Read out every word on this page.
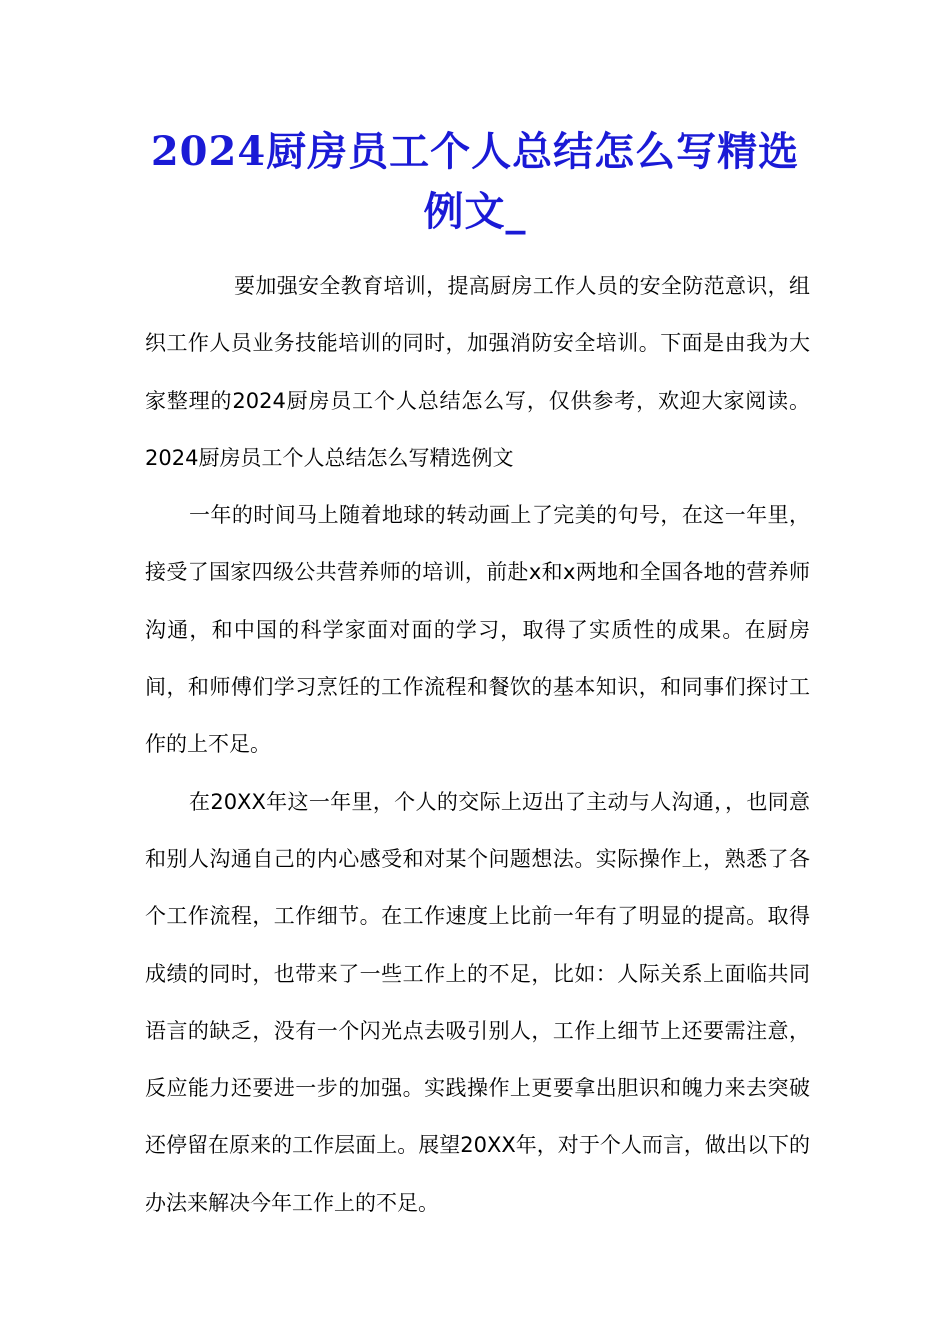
2024厨房员工个人总结怎么写精选例文_

要加强安全教育培训，提高厨房工作人员的安全防范意识，组织工作人员业务技能培训的同时，加强消防安全培训。下面是由我为大家整理的2024厨房员工个人总结怎么写，仅供参考，欢迎大家阅读。2024厨房员工个人总结怎么写精选例文

一年的时间马上随着地球的转动画上了完美的句号，在这一年里，接受了国家四级公共营养师的培训，前赴x和x两地和全国各地的营养师沟通，和中国的科学家面对面的学习，取得了实质性的成果。在厨房间，和师傅们学习烹饪的工作流程和餐饮的基本知识，和同事们探讨工作的上不足。

在20XX年这一年里，个人的交际上迈出了主动与人沟通，，也同意和别人沟通自己的内心感受和对某个问题想法。实际操作上，熟悉了各个工作流程，工作细节。在工作速度上比前一年有了明显的提高。取得成绩的同时，也带来了一些工作上的不足，比如：人际关系上面临共同语言的缺乏，没有一个闪光点去吸引别人，工作上细节上还要需注意，反应能力还要进一步的加强。实践操作上更要拿出胆识和魄力来去突破还停留在原来的工作层面上。展望20XX年，对于个人而言，做出以下的办法来解决今年工作上的不足。
